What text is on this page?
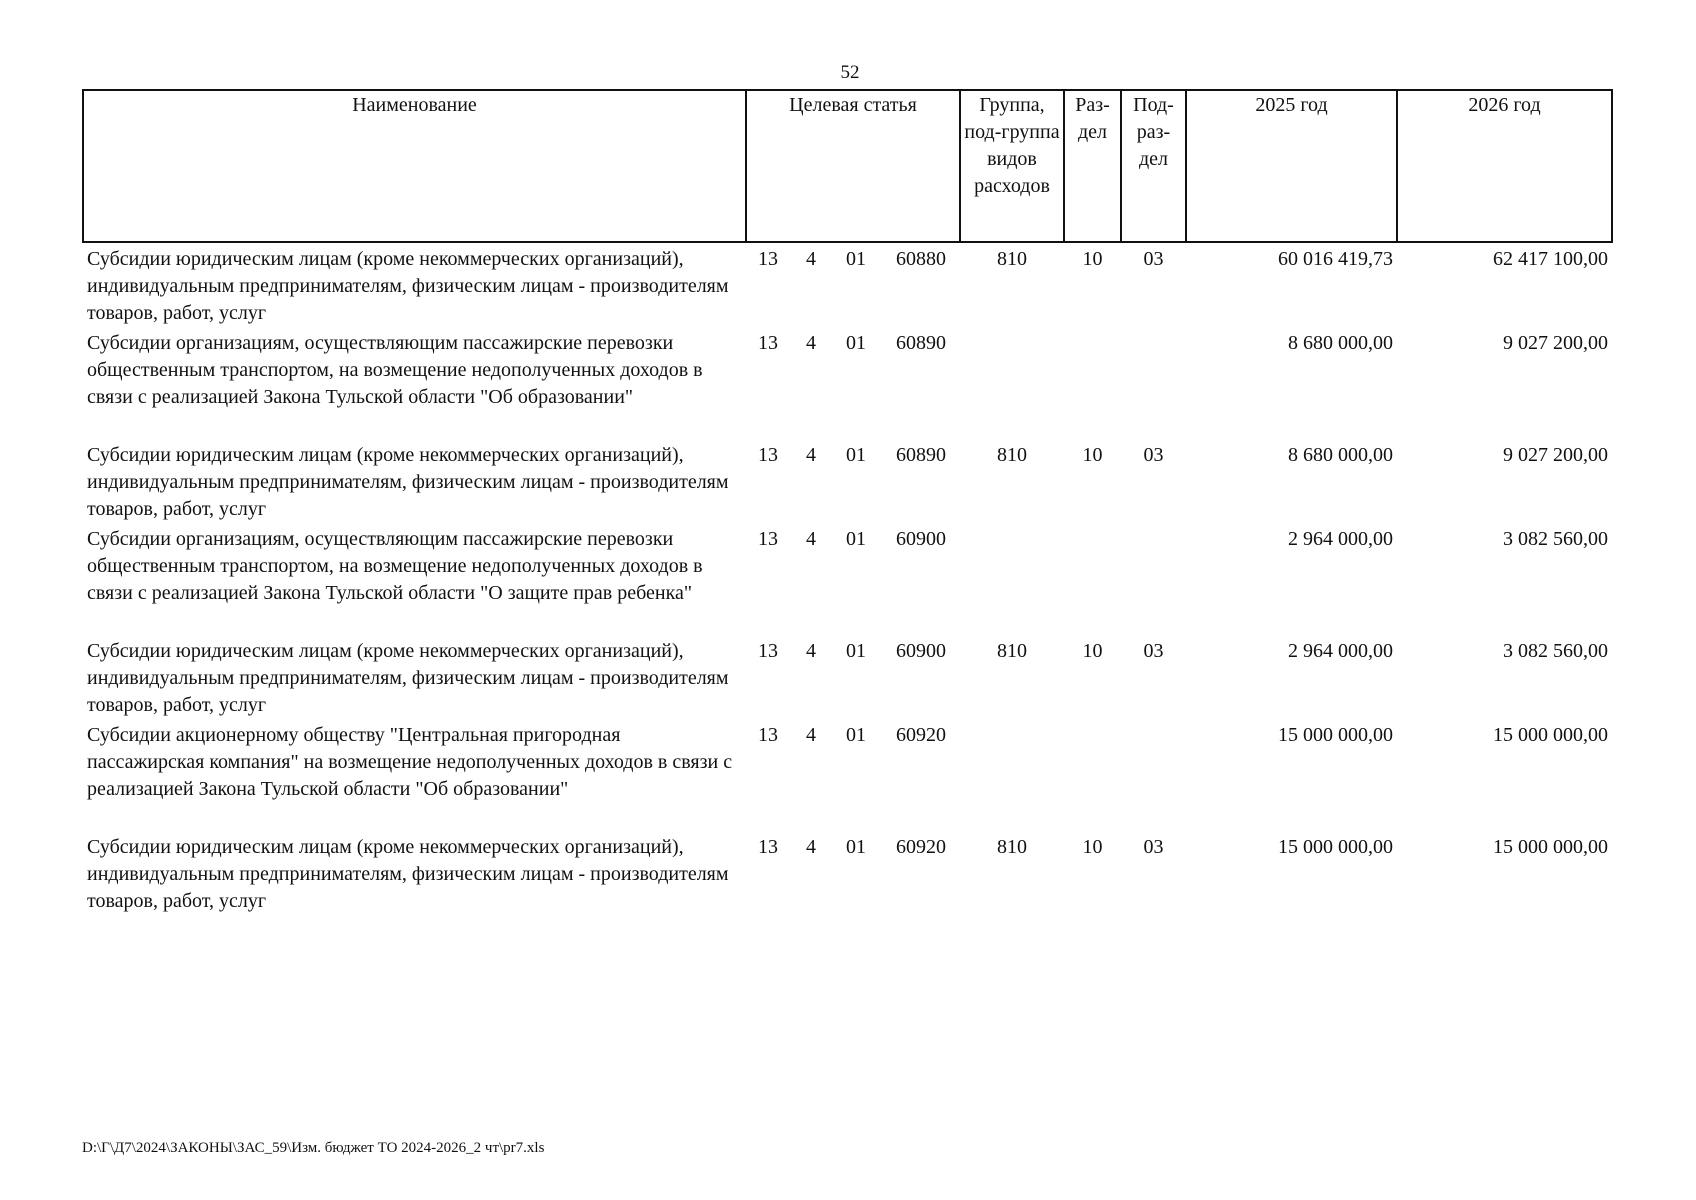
52
Наименование	Целевая статья	Группа, под-группа видов расходов	Раз-дел	Под-раз-дел	2025 год	2026 год
Субсидии юридическим лицам (кроме некоммерческих организаций), индивидуальным предпринимателям, физическим лицам - производителям товаров, работ, услуг	13 4 01 60880	810	10	03	60 016 419,73	62 417 100,00
Субсидии организациям, осуществляющим пассажирские перевозки общественным транспортом, на возмещение недополученных доходов в связи с реализацией Закона Тульской области "Об образовании"	13 4 01 60890				8 680 000,00	9 027 200,00
Субсидии юридическим лицам (кроме некоммерческих организаций), индивидуальным предпринимателям, физическим лицам - производителям товаров, работ, услуг	13 4 01 60890	810	10	03	8 680 000,00	9 027 200,00
Субсидии организациям, осуществляющим пассажирские перевозки общественным транспортом, на возмещение недополученных доходов в связи с реализацией Закона Тульской области "О защите прав ребенка"	13 4 01 60900				2 964 000,00	3 082 560,00
Субсидии юридическим лицам (кроме некоммерческих организаций), индивидуальным предпринимателям, физическим лицам - производителям товаров, работ, услуг	13 4 01 60900	810	10	03	2 964 000,00	3 082 560,00
Субсидии акционерному обществу "Центральная пригородная пассажирская компания" на возмещение недополученных доходов в связи с реализацией Закона Тульской области "Об образовании"	13 4 01 60920				15 000 000,00	15 000 000,00
Субсидии юридическим лицам (кроме некоммерческих организаций), индивидуальным предпринимателям, физическим лицам - производителям товаров, работ, услуг	13 4 01 60920	810	10	03	15 000 000,00	15 000 000,00
D:\Г\Д7\2024\ЗАКОНЫ\ЗАС_59\Изм. бюджет ТО 2024-2026_2 чт\pr7.xls
